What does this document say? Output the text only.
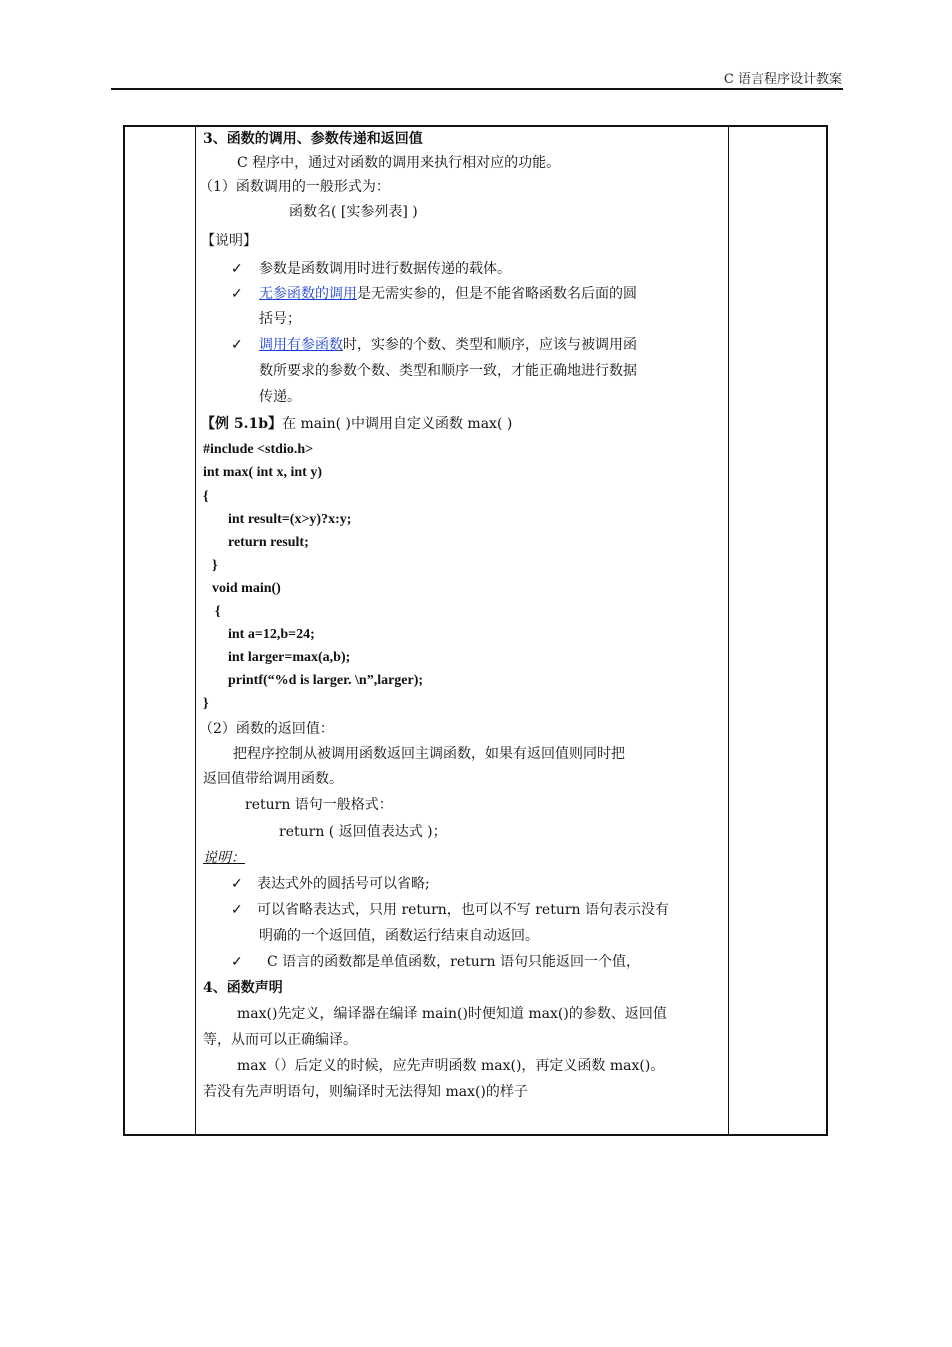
C 语言程序设计教案
3、函数的调用、参数传递和返回值
C 程序中，通过对函数的调用来执行相对应的功能。
（1）函数调用的一般形式为：
函数名( [实参列表] )
【说明】
✓ 参数是函数调用时进行数据传递的载体。
✓ 无参函数的调用是无需实参的，但是不能省略函数名后面的圆
括号；
✓ 调用有参函数时，实参的个数、类型和顺序，应该与被调用函
数所要求的参数个数、类型和顺序一致，才能正确地进行数据
传递。
【例 5.1b】在 main( )中调用自定义函数 max( )
#include <stdio.h>
int max( int x, int y)
{
int result=(x>y)?x:y;
return result;
}
void main()
{
int a=12,b=24;
int larger=max(a,b);
printf(“%d is larger. \n”,larger);
}
（2）函数的返回值：
把程序控制从被调用函数返回主调函数，如果有返回值则同时把
返回值带给调用函数。
return 语句一般格式：
return ( 返回值表达式 )；
说明：
✓ 表达式外的圆括号可以省略;
✓ 可以省略表达式，只用 return，也可以不写 return 语句表示没有
明确的一个返回值，函数运行结束自动返回。
✓ C 语言的函数都是单值函数，return 语句只能返回一个值，
4、函数声明
max()先定义，编译器在编译 main()时便知道 max()的参数、返回值
等，从而可以正确编译。
max（）后定义的时候，应先声明函数 max()，再定义函数 max()。
若没有先声明语句，则编译时无法得知 max()的样子
